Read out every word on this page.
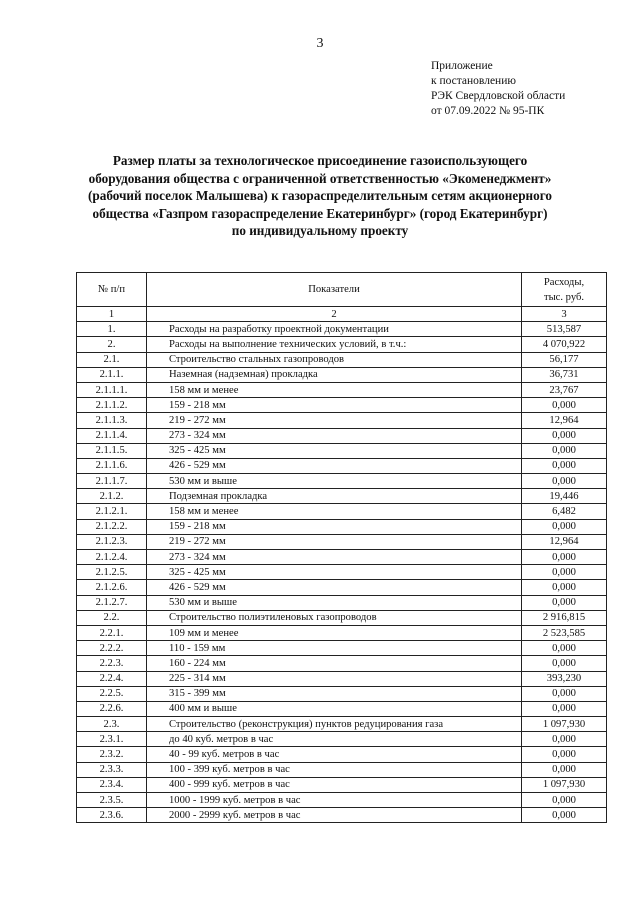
3
Приложение
к постановлению
РЭК Свердловской области
от 07.09.2022 № 95-ПК
Размер платы за технологическое присоединение газоиспользующего
оборудования общества с ограниченной ответственностью «Экоменеджмент»
(рабочий поселок Малышева) к газораспределительным сетям акционерного
общества «Газпром газораспределение Екатеринбург» (город Екатеринбург)
по индивидуальному проекту
№ п/п	Показатели	Расходы,
тыс. руб.

1	2	3
1.	Расходы на разработку проектной документации	513,587
2.	Расходы на выполнение технических условий, в т.ч.:	4 070,922
2.1.	Строительство стальных газопроводов	56,177
2.1.1.	Наземная (надземная) прокладка	36,731
2.1.1.1.	158 мм и менее	23,767
2.1.1.2.	159 - 218 мм	0,000
2.1.1.3.	219 - 272 мм	12,964
2.1.1.4.	273 - 324 мм	0,000
2.1.1.5.	325 - 425 мм	0,000
2.1.1.6.	426 - 529 мм	0,000
2.1.1.7.	530 мм и выше	0,000
2.1.2.	Подземная прокладка	19,446
2.1.2.1.	158 мм и менее	6,482
2.1.2.2.	159 - 218 мм	0,000
2.1.2.3.	219 - 272 мм	12,964
2.1.2.4.	273 - 324 мм	0,000
2.1.2.5.	325 - 425 мм	0,000
2.1.2.6.	426 - 529 мм	0,000
2.1.2.7.	530 мм и выше	0,000
2.2.	Строительство полиэтиленовых газопроводов	2 916,815
2.2.1.	109 мм и менее	2 523,585
2.2.2.	110 - 159 мм	0,000
2.2.3.	160 - 224 мм	0,000
2.2.4.	225 - 314 мм	393,230
2.2.5.	315 - 399 мм	0,000
2.2.6.	400 мм и выше	0,000
2.3.	Строительство (реконструкция) пунктов редуцирования газа	1 097,930
2.3.1.	до 40 куб. метров в час	0,000
2.3.2.	40 - 99 куб. метров в час	0,000
2.3.3.	100 - 399 куб. метров в час	0,000
2.3.4.	400 - 999 куб. метров в час	1 097,930
2.3.5.	1000 - 1999 куб. метров в час	0,000
2.3.6.	2000 - 2999 куб. метров в час	0,000
